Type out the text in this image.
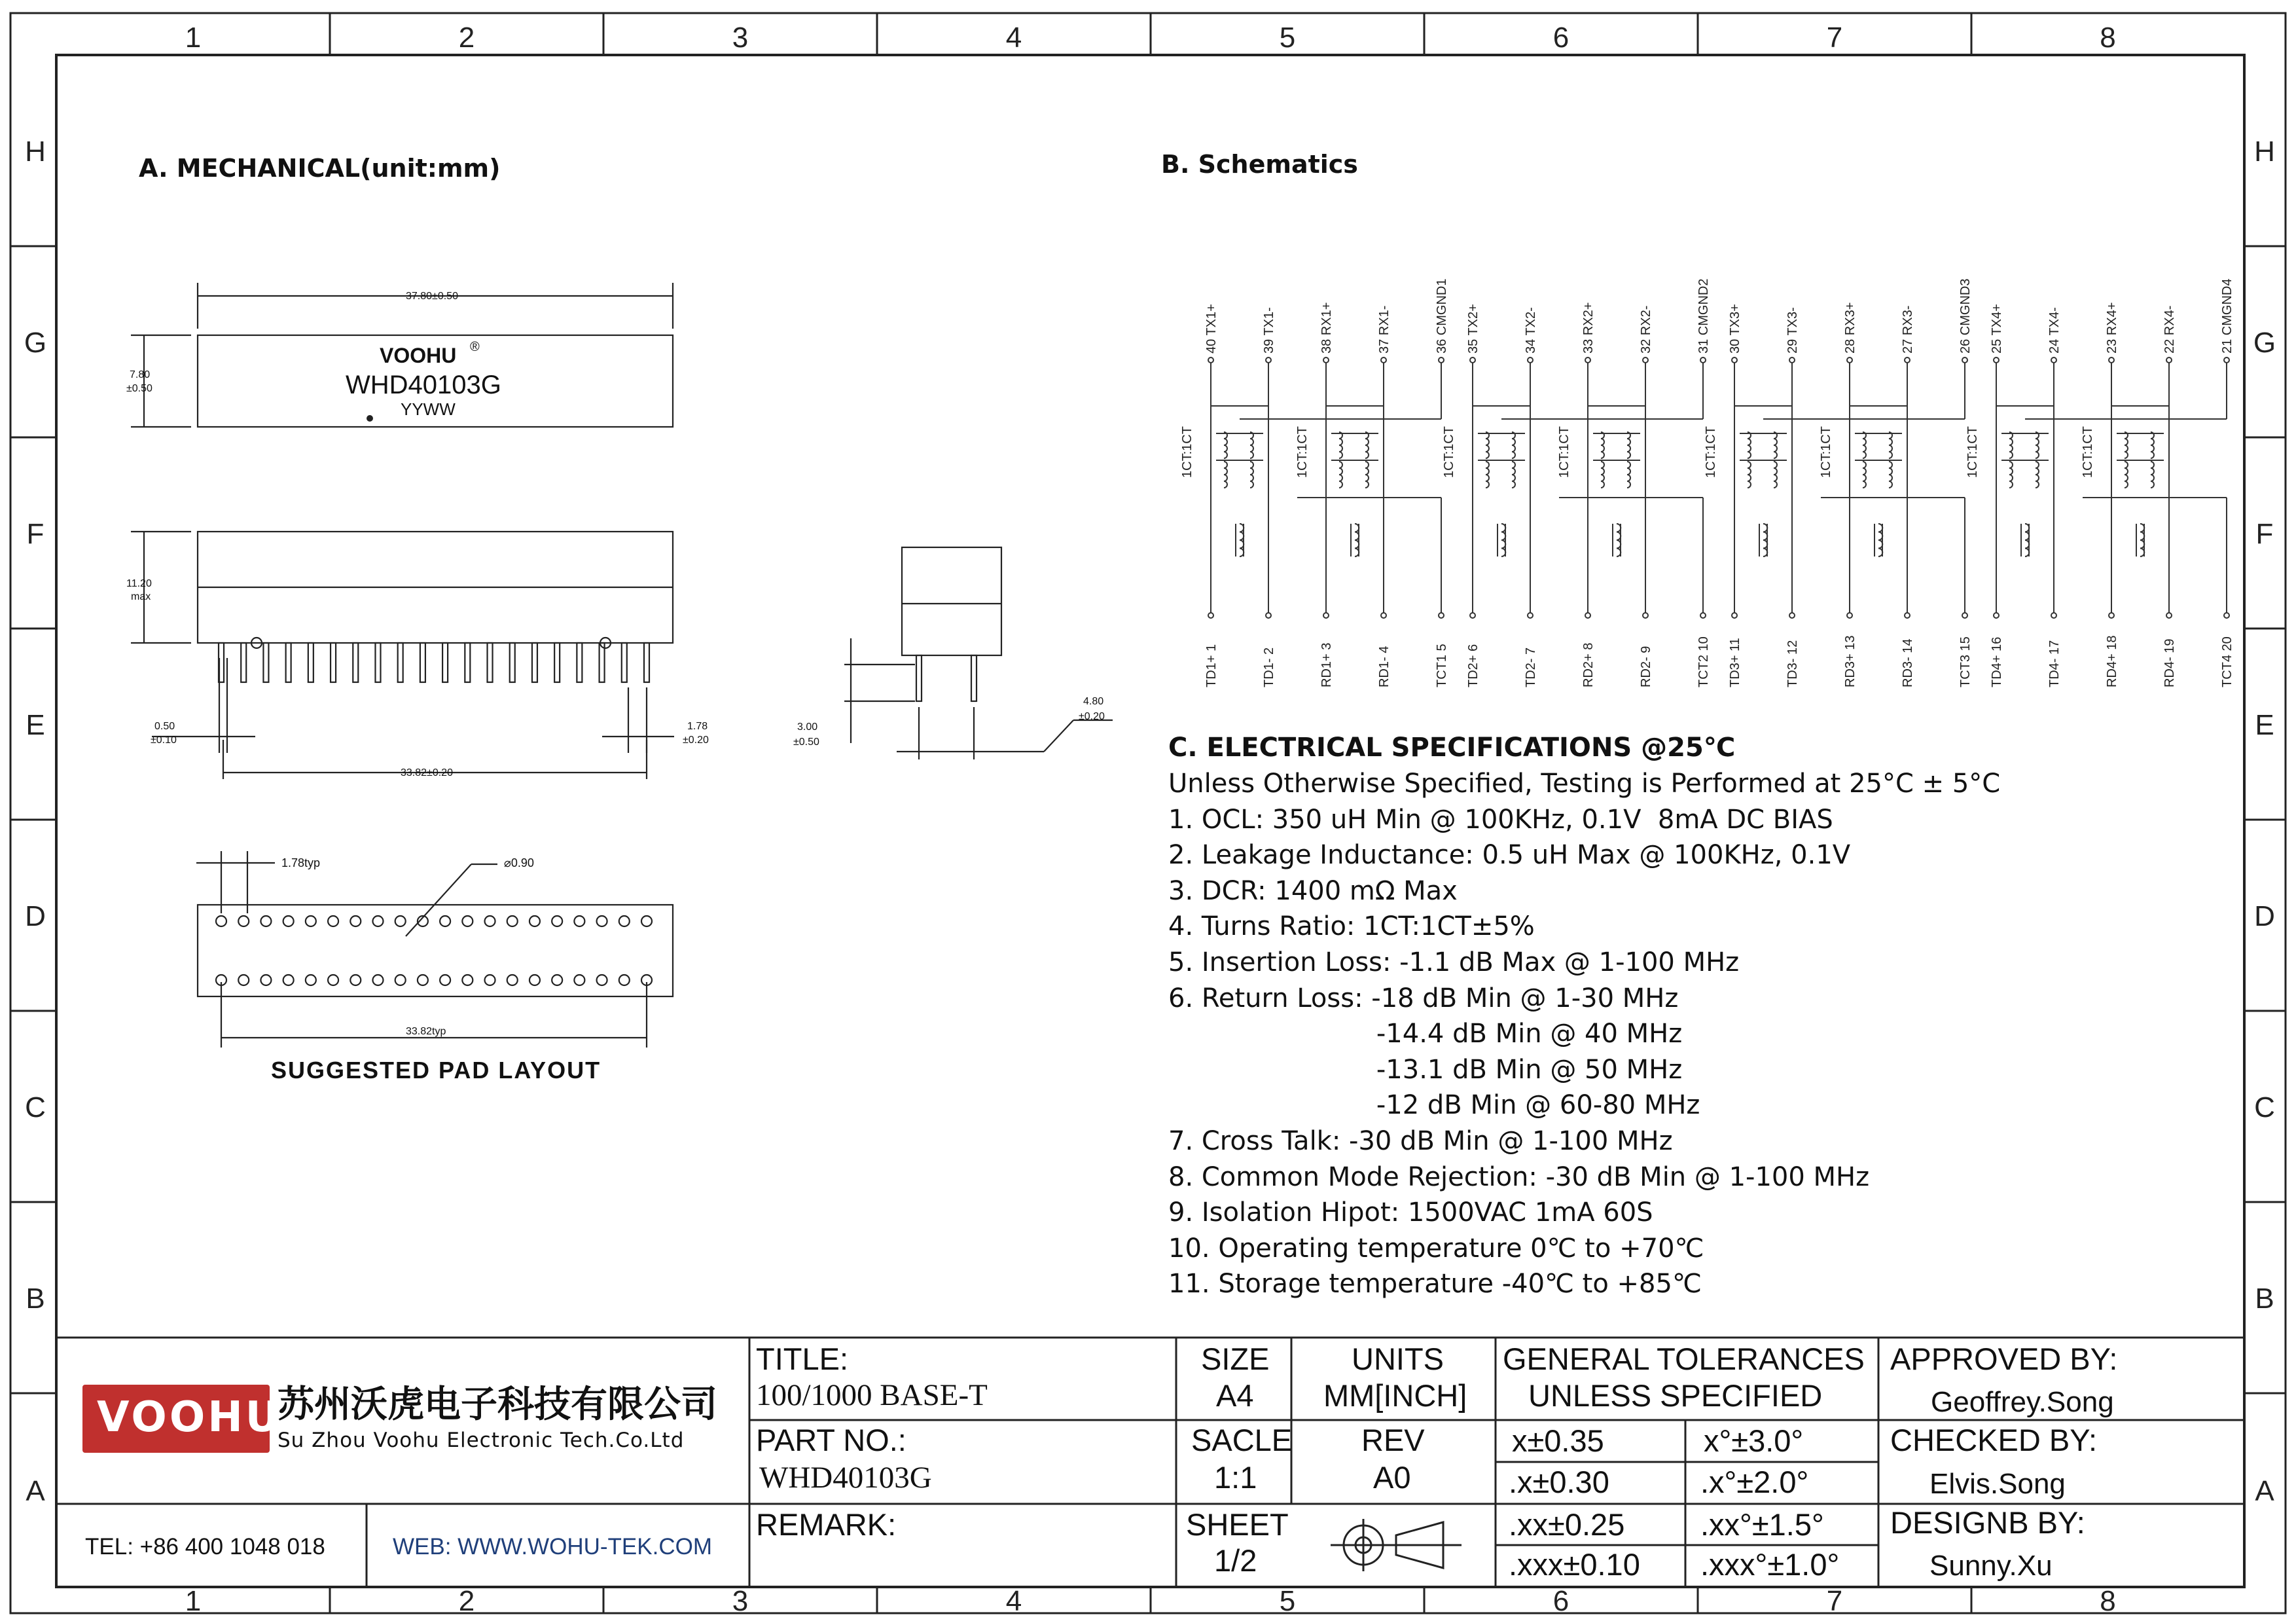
1
1
2
2
3
3
4
4
5
5
6
6
7
7
8
8
H	H
G	G
F	F
E	E
D	D
C	C
B	B
A	A
A. MECHANICAL(unit:mm)
37.80±0.50
7.80
±0.50
VOOHU ®
WHD40103G
YYWW
11.20
max
0.50
±0.10
1.78
±0.20
33.82±0.20
3.00
±0.50
4.80
±0.20
1.78typ	⌀0.90
33.82typ
SUGGESTED PAD LAYOUT
B. Schematics
40 TX1+
TD1+ 1
39 TX1-
TD1- 2
38 RX1+
RD1+ 3
37 RX1-
RD1- 4
36 CMGND1
TCT1 5
1CT:1CT	1CT:1CT
35 TX2+
TD2+ 6
34 TX2-
TD2- 7
33 RX2+
RD2+ 8
32 RX2-
RD2- 9
31 CMGND2
TCT2 10
1CT:1CT	1CT:1CT
30 TX3+
TD3+ 11
29 TX3-
TD3- 12
28 RX3+
RD3+ 13
27 RX3-
RD3- 14
26 CMGND3
TCT3 15
1CT:1CT	1CT:1CT
25 TX4+
TD4+ 16
24 TX4-
TD4- 17
23 RX4+
RD4+ 18
22 RX4-
RD4- 19
21 CMGND4
TCT4 20
1CT:1CT	1CT:1CT
C. ELECTRICAL SPECIFICATIONS @25℃
Unless Otherwise Specified, Testing is Performed at 25°C ± 5°C
1. OCL: 350 uH Min @ 100KHz, 0.1V  8mA DC BIAS
2. Leakage Inductance: 0.5 uH Max @ 100KHz, 0.1V
3. DCR: 1400 mΩ Max
4. Turns Ratio: 1CT:1CT±5%
5. Insertion Loss: -1.1 dB Max @ 1-100 MHz
6. Return Loss: -18 dB Min @ 1-30 MHz
-14.4 dB Min @ 40 MHz
-13.1 dB Min @ 50 MHz
-12 dB Min @ 60-80 MHz
7. Cross Talk: -30 dB Min @ 1-100 MHz
8. Common Mode Rejection: -30 dB Min @ 1-100 MHz
9. Isolation Hipot: 1500VAC 1mA 60S
10. Operating temperature 0℃ to +70℃
11. Storage temperature -40℃ to +85℃
VOOHU
苏州沃虎电子科技有限公司
Su Zhou Voohu Electronic Tech.Co.Ltd
TEL: +86 400 1048 018	WEB: WWW.WOHU-TEK.COM
TITLE:
100/1000 BASE-T
PART NO.:
WHD40103G
REMARK:
SIZE
A4
UNITS
MM[INCH]
SACLE
1:1
REV
A0
SHEET
1/2
GENERAL TOLERANCES
UNLESS SPECIFIED
x±0.35	x°±3.0°
.x±0.30	.x°±2.0°
.xx±0.25 .xx°±1.5°
.xxx±0.10 .xxx°±1.0°
APPROVED BY:
Geoffrey.Song
CHECKED BY:
Elvis.Song
DESIGNB BY:
Sunny.Xu
